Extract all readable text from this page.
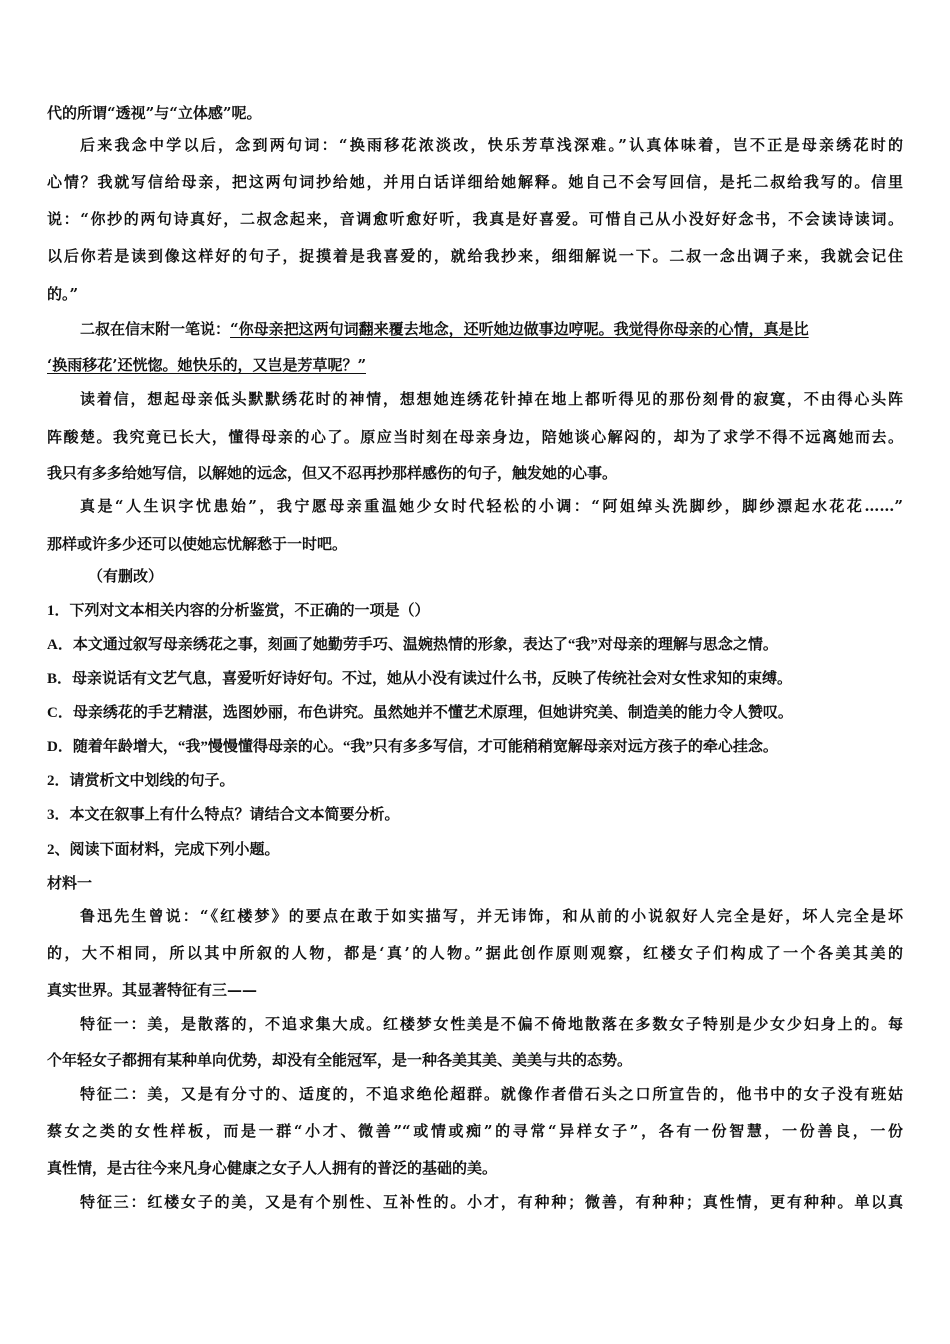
代的所谓“透视”与“立体感”呢。
后来我念中学以后，念到两句词：“换雨移花浓淡改，快乐芳草浅深难。”认真体味着，岂不正是母亲绣花时的
心情？我就写信给母亲，把这两句词抄给她，并用白话详细给她解释。她自己不会写回信，是托二叔给我写的。信里
说：“你抄的两句诗真好，二叔念起来，音调愈听愈好听，我真是好喜爱。可惜自己从小没好好念书，不会读诗读词。
以后你若是读到像这样好的句子，捉摸着是我喜爱的，就给我抄来，细细解说一下。二叔一念出调子来，我就会记住
的。”
二叔在信末附一笔说：“你母亲把这两句词翻来覆去地念，还听她边做事边哼呢。我觉得你母亲的心情，真是比
‘换雨移花’还恍惚。她快乐的，又岂是芳草呢？”
读着信，想起母亲低头默默绣花时的神情，想想她连绣花针掉在地上都听得见的那份刻骨的寂寞，不由得心头阵
阵酸楚。我究竟已长大，懂得母亲的心了。原应当时刻在母亲身边，陪她谈心解闷的，却为了求学不得不远离她而去。
我只有多多给她写信，以解她的远念，但又不忍再抄那样感伤的句子，触发她的心事。
真是“人生识字忧患始”，我宁愿母亲重温她少女时代轻松的小调：“阿姐绰头洗脚纱，脚纱漂起水花花……”
那样或许多少还可以使她忘忧解愁于一时吧。
（有删改）
1．下列对文本相关内容的分析鉴赏，不正确的一项是（）
A．本文通过叙写母亲绣花之事，刻画了她勤劳手巧、温婉热情的形象，表达了“我”对母亲的理解与思念之情。
B．母亲说话有文艺气息，喜爱听好诗好句。不过，她从小没有读过什么书，反映了传统社会对女性求知的束缚。
C．母亲绣花的手艺精湛，选图妙丽，布色讲究。虽然她并不懂艺术原理，但她讲究美、制造美的能力令人赞叹。
D．随着年龄增大，“我”慢慢懂得母亲的心。“我”只有多多写信，才可能稍稍宽解母亲对远方孩子的牵心挂念。
2．请赏析文中划线的句子。
3．本文在叙事上有什么特点？请结合文本简要分析。
2、阅读下面材料，完成下列小题。
材料一
鲁迅先生曾说：“《红楼梦》的要点在敢于如实描写，并无讳饰，和从前的小说叙好人完全是好，坏人完全是坏
的，大不相同，所以其中所叙的人物，都是‘真’的人物。”据此创作原则观察，红楼女子们构成了一个各美其美的
真实世界。其显著特征有三——
特征一：美，是散落的，不追求集大成。红楼梦女性美是不偏不倚地散落在多数女子特别是少女少妇身上的。每
个年轻女子都拥有某种单向优势，却没有全能冠军，是一种各美其美、美美与共的态势。
特征二：美，又是有分寸的、适度的，不追求绝伦超群。就像作者借石头之口所宣告的，他书中的女子没有班姑
蔡女之类的女性样板，而是一群“小才、微善”“或情或痴”的寻常“异样女子”，各有一份智慧，一份善良，一份
真性情，是古往今来凡身心健康之女子人人拥有的普泛的基础的美。
特征三：红楼女子的美，又是有个别性、互补性的。小才，有种种；微善，有种种；真性情，更有种种。单以真
